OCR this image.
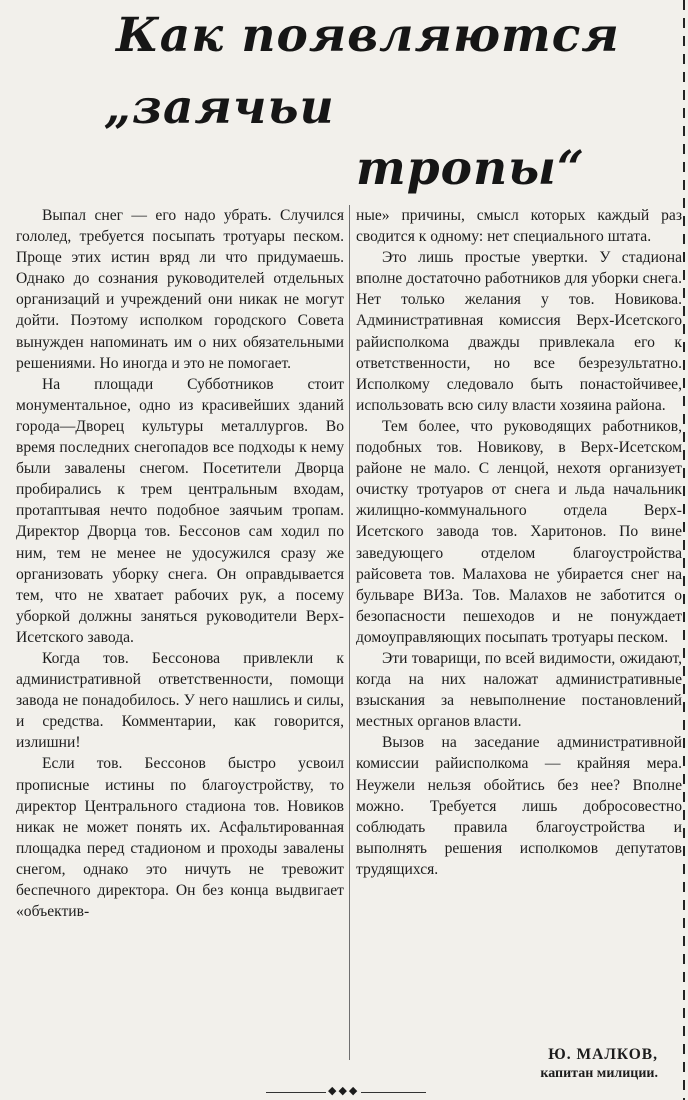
Как появляются
„заячьи
тропы“

Выпал снег — его надо убрать. Случился гололед, требуется посыпать тротуары песком. Проще этих истин вряд ли что придумаешь. Однако до сознания руководителей отдельных организаций и учреждений они никак не могут дойти. Поэтому исполком городского Совета вынужден напоминать им о них обязательными решениями. Но иногда и это не помогает.

На площади Субботников стоит монументальное, одно из красивейших зданий города—Дворец культуры металлургов. Во время последних снегопадов все подходы к нему были завалены снегом. Посетители Дворца пробирались к трем центральным входам, протаптывая нечто подобное заячьим тропам. Директор Дворца тов. Бессонов сам ходил по ним, тем не менее не удосужился сразу же организовать уборку снега. Он оправдывается тем, что не хватает рабочих рук, а посему уборкой должны заняться руководители Верх-Исетского завода.

Когда тов. Бессонова привлекли к административной ответственности, помощи завода не понадобилось. У него нашлись и силы, и средства. Комментарии, как говорится, излишни!

Если тов. Бессонов быстро усвоил прописные истины по благоустройству, то директор Центрального стадиона тов. Новиков никак не может понять их. Асфальтированная площадка перед стадионом и проходы завалены снегом, однако это ничуть не тревожит беспечного директора. Он без конца выдвигает «объектив-

ные» причины, смысл которых каждый раз сводится к одному: нет специального штата.

Это лишь простые увертки. У стадиона вполне достаточно работников для уборки снега. Нет только желания у тов. Новикова. Административная комиссия Верх-Исетского райисполкома дважды привлекала его к ответственности, но все безрезультатно. Исполкому следовало быть понастойчивее, использовать всю силу власти хозяина района.

Тем более, что руководящих работников, подобных тов. Новикову, в Верх-Исетском районе не мало. С ленцой, нехотя организует очистку тротуаров от снега и льда начальник жилищно-коммунального отдела Верх-Исетского завода тов. Харитонов. По вине заведующего отделом благоустройства райсовета тов. Малахова не убирается снег на бульваре ВИЗа. Тов. Малахов не заботится о безопасности пешеходов и не понуждает домоуправляющих посыпать тротуары песком.

Эти товарищи, по всей видимости, ожидают, когда на них наложат административные взыскания за невыполнение постановлений местных органов власти.

Вызов на заседание административной комиссии райисполкома — крайняя мера. Неужели нельзя обойтись без нее? Вполне можно. Требуется лишь добросовестно соблюдать правила благоустройства и выполнять решения исполкомов депутатов трудящихся.

Ю. МАЛКОВ,
капитан милиции.
◆◆◆
